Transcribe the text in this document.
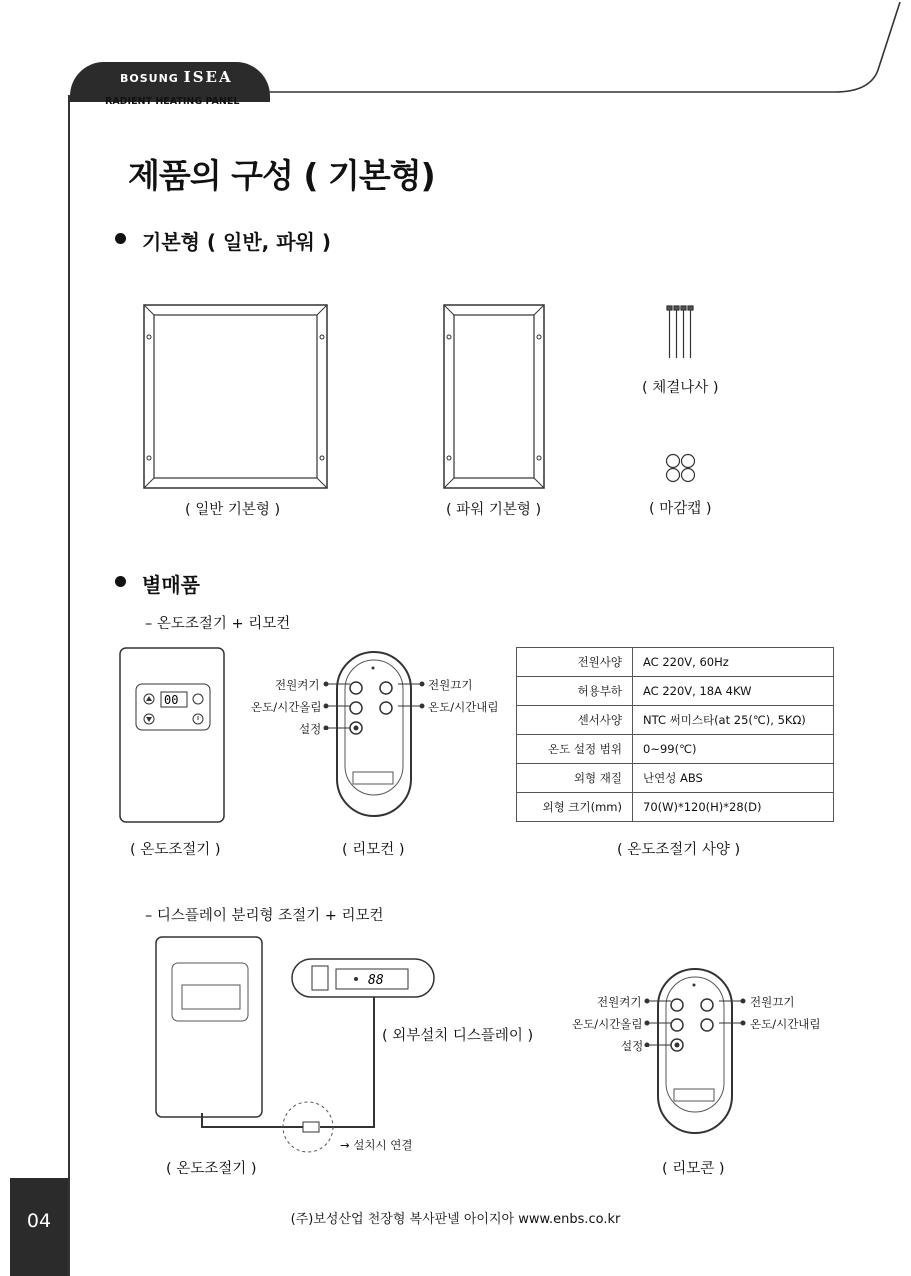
BOSUNG ISEA
RADIENT HEATING PANEL
제품의 구성 ( 기본형)
기본형 ( 일반, 파워 )
( 일반 기본형 )	( 파워 기본형 )
( 체결나사 )
( 마감캡 )
별매품
– 온도조절기 + 리모컨
00
전원켜기
온도/시간올림
설정
전원끄기
온도/시간내림
전원사양	AC 220V, 60Hz
허용부하	AC 220V, 18A 4KW
센서사양	NTC 써미스타(at 25(℃), 5KΩ)
온도 설정 범위	0~99(℃)
외형 재질	난연성 ABS
외형 크기(mm)	70(W)*120(H)*28(D)
( 온도조절기 )	( 리모컨 )	( 온도조절기 사양 )
– 디스플레이 분리형 조절기 + 리모컨
88
( 외부설치 디스플레이 )
→ 설치시 연결
( 온도조절기 )
전원켜기
온도/시간올림
설정
전원끄기
온도/시간내림
( 리모콘 )
04	(주)보성산업 천장형 복사판넬 아이지아 www.enbs.co.kr
